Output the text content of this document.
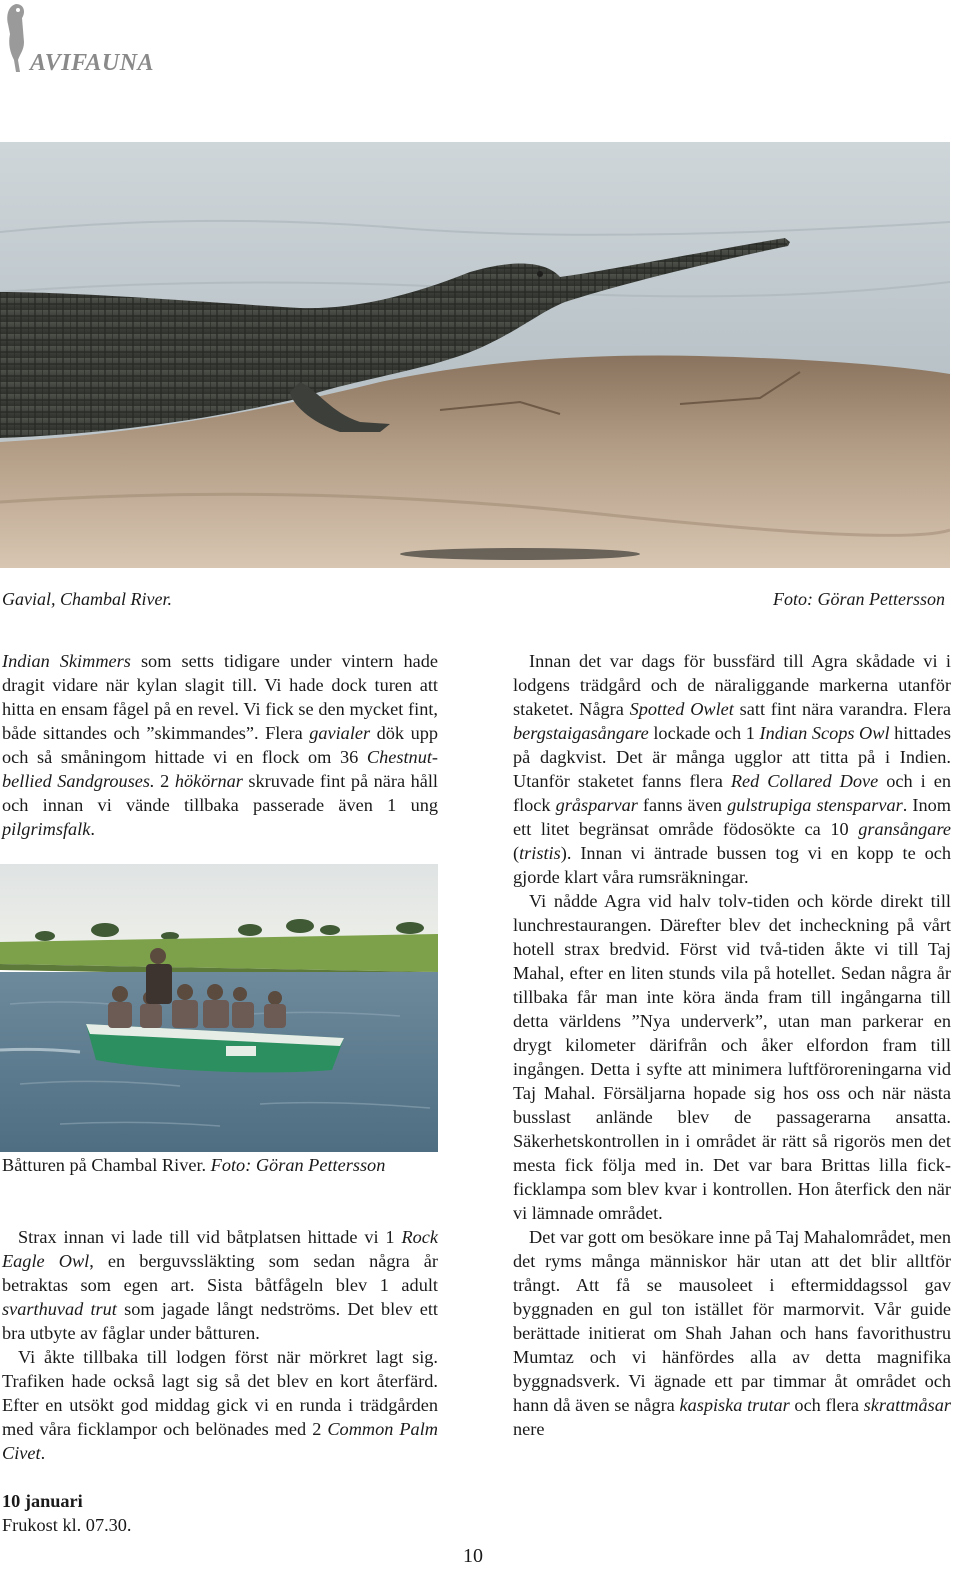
AVIFAUNA
Gavial, Chambal River.	Foto: Göran Pettersson

Indian Skimmers som setts tidigare under vintern hade dragit vidare när kylan slagit till. Vi hade dock turen att hitta en ensam fågel på en revel. Vi fick se den mycket fint, både sittandes och ”skimmandes”. Flera gavialer dök upp och så småningom hittade vi en flock om 36 Chestnut-bellied Sandgrouses. 2 hökörnar skruvade fint på nära håll och innan vi vände tillbaka passerade även 1 ung pilgrimsfalk.

Båtturen på Chambal River. Foto: Göran Pettersson

Strax innan vi lade till vid båtplatsen hittade vi 1 Rock Eagle Owl, en berguvssläkting som sedan några år betraktas som egen art. Sista båtfågeln blev 1 adult svarthuvad trut som jagade långt nedströms. Det blev ett bra utbyte av fåglar under båtturen.

Vi åkte tillbaka till lodgen först när mörkret lagt sig. Trafiken hade också lagt sig så det blev en kort återfärd. Efter en utsökt god middag gick vi en runda i trädgården med våra ficklampor och belönades med 2 Common Palm Civet.

10 januari

Frukost kl. 07.30.

Innan det var dags för bussfärd till Agra skådade vi i lodgens trädgård och de näraliggande markerna utanför staketet. Några Spotted Owlet satt fint nära varandra. Flera bergstaigasångare lockade och 1 Indian Scops Owl hittades på dagkvist. Det är många ugglor att titta på i Indien. Utanför staketet fanns flera Red Collared Dove och i en flock gråsparvar fanns även gulstrupiga stensparvar. Inom ett litet begränsat område födosökte ca 10 gransångare (tristis). Innan vi äntrade bussen tog vi en kopp te och gjorde klart våra rumsräkningar.

Vi nådde Agra vid halv tolv-tiden och körde direkt till lunchrestaurangen. Därefter blev det incheckning på vårt hotell strax bredvid. Först vid två-tiden åkte vi till Taj Mahal, efter en liten stunds vila på hotellet. Sedan några år tillbaka får man inte köra ända fram till ingångarna till detta världens ”Nya underverk”, utan man parkerar en drygt kilometer därifrån och åker elfordon fram till ingången. Detta i syfte att minimera luftföroreningarna vid Taj Mahal. Försäljarna hopade sig hos oss och när nästa busslast anlände blev de passagerarna ansatta. Säkerhetskontrollen in i området är rätt så rigorös men det mesta fick följa med in. Det var bara Brittas lilla fick-ficklampa som blev kvar i kontrollen. Hon återfick den när vi lämnade området.

Det var gott om besökare inne på Taj Mahalområdet, men det ryms många människor här utan att det blir alltför trångt. Att få se mausoleet i eftermiddagssol gav byggnaden en gul ton istället för marmorvit. Vår guide berättade initierat om Shah Jahan och hans favorithustru Mumtaz och vi hänfördes alla av detta magnifika byggnadsverk. Vi ägnade ett par timmar åt området och hann då även se några kaspiska trutar och flera skrattmåsar nere

10
